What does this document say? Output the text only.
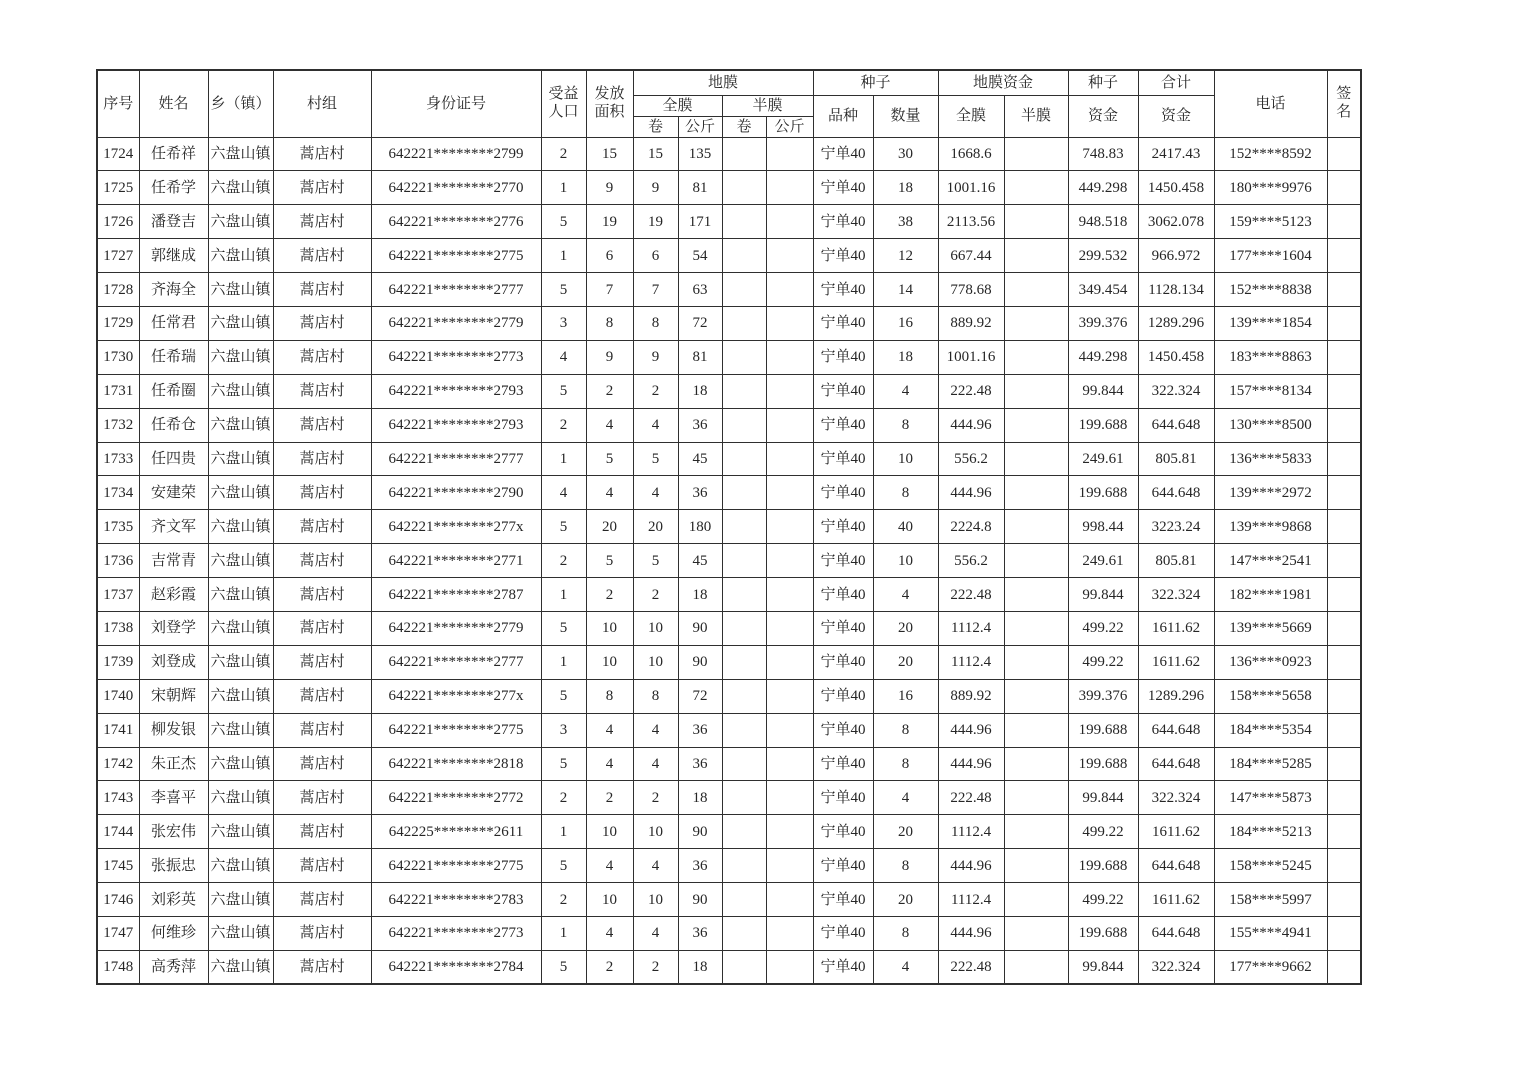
序号	姓名	乡（镇）	村组	身份证号	受益人口	发放面积	地膜				种子		地膜资金		种子	合计	电话	签名

							全膜		半膜		品种	数量	全膜	半膜	资金	资金		
							卷	公斤	卷	公斤								
1724	任希祥	六盘山镇	蒿店村	642221********2799	2	15	15	135			宁单40	30	1668.6		748.83	2417.43	152****8592	
1725	任希学	六盘山镇	蒿店村	642221********2770	1	9	9	81			宁单40	18	1001.16		449.298	1450.458	180****9976	
1726	潘登吉	六盘山镇	蒿店村	642221********2776	5	19	19	171			宁单40	38	2113.56		948.518	3062.078	159****5123	
1727	郭继成	六盘山镇	蒿店村	642221********2775	1	6	6	54			宁单40	12	667.44		299.532	966.972	177****1604	
1728	齐海全	六盘山镇	蒿店村	642221********2777	5	7	7	63			宁单40	14	778.68		349.454	1128.134	152****8838	
1729	任常君	六盘山镇	蒿店村	642221********2779	3	8	8	72			宁单40	16	889.92		399.376	1289.296	139****1854	
1730	任希瑞	六盘山镇	蒿店村	642221********2773	4	9	9	81			宁单40	18	1001.16		449.298	1450.458	183****8863	
1731	任希圈	六盘山镇	蒿店村	642221********2793	5	2	2	18			宁单40	4	222.48		99.844	322.324	157****8134	
1732	任希仓	六盘山镇	蒿店村	642221********2793	2	4	4	36			宁单40	8	444.96		199.688	644.648	130****8500	
1733	任四贵	六盘山镇	蒿店村	642221********2777	1	5	5	45			宁单40	10	556.2		249.61	805.81	136****5833	
1734	安建荣	六盘山镇	蒿店村	642221********2790	4	4	4	36			宁单40	8	444.96		199.688	644.648	139****2972	
1735	齐文军	六盘山镇	蒿店村	642221********277x	5	20	20	180			宁单40	40	2224.8		998.44	3223.24	139****9868	
1736	吉常青	六盘山镇	蒿店村	642221********2771	2	5	5	45			宁单40	10	556.2		249.61	805.81	147****2541	
1737	赵彩霞	六盘山镇	蒿店村	642221********2787	1	2	2	18			宁单40	4	222.48		99.844	322.324	182****1981	
1738	刘登学	六盘山镇	蒿店村	642221********2779	5	10	10	90			宁单40	20	1112.4		499.22	1611.62	139****5669	
1739	刘登成	六盘山镇	蒿店村	642221********2777	1	10	10	90			宁单40	20	1112.4		499.22	1611.62	136****0923	
1740	宋朝辉	六盘山镇	蒿店村	642221********277x	5	8	8	72			宁单40	16	889.92		399.376	1289.296	158****5658	
1741	柳发银	六盘山镇	蒿店村	642221********2775	3	4	4	36			宁单40	8	444.96		199.688	644.648	184****5354	
1742	朱正杰	六盘山镇	蒿店村	642221********2818	5	4	4	36			宁单40	8	444.96		199.688	644.648	184****5285	
1743	李喜平	六盘山镇	蒿店村	642221********2772	2	2	2	18			宁单40	4	222.48		99.844	322.324	147****5873	
1744	张宏伟	六盘山镇	蒿店村	642225********2611	1	10	10	90			宁单40	20	1112.4		499.22	1611.62	184****5213	
1745	张振忠	六盘山镇	蒿店村	642221********2775	5	4	4	36			宁单40	8	444.96		199.688	644.648	158****5245	
1746	刘彩英	六盘山镇	蒿店村	642221********2783	2	10	10	90			宁单40	20	1112.4		499.22	1611.62	158****5997	
1747	何维珍	六盘山镇	蒿店村	642221********2773	1	4	4	36			宁单40	8	444.96		199.688	644.648	155****4941	
1748	高秀萍	六盘山镇	蒿店村	642221********2784	5	2	2	18			宁单40	4	222.48		99.844	322.324	177****9662	
